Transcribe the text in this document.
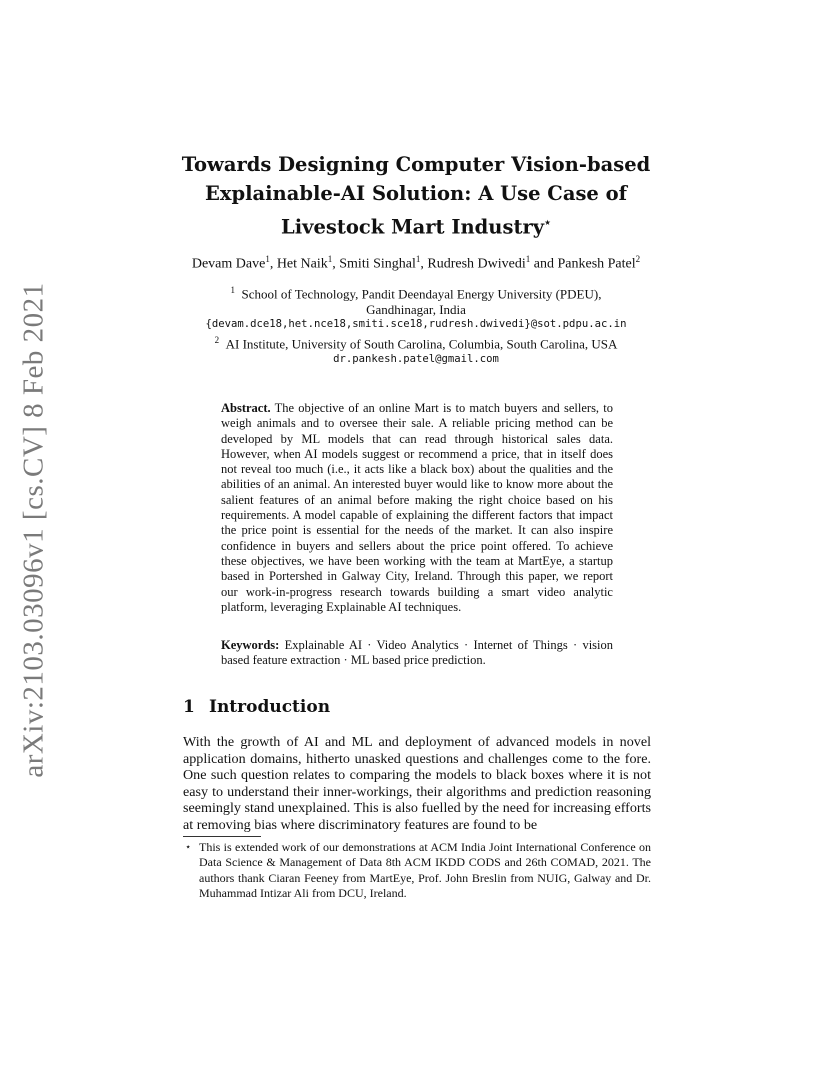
arXiv:2103.03096v1 [cs.CV] 8 Feb 2021
Towards Designing Computer Vision-based
Explainable-AI Solution: A Use Case of
Livestock Mart Industry⋆
Devam Dave$^1$, Het Naik$^1$, Smiti Singhal$^1$, Rudresh Dwivedi$^1$ and Pankesh Patel$^2$
$^1$ School of Technology, Pandit Deendayal Energy University (PDEU),
Gandhinagar, India
{devam.dce18,het.nce18,smiti.sce18,rudresh.dwivedi}@sot.pdpu.ac.in
$^2$ AI Institute, University of South Carolina, Columbia, South Carolina, USA
dr.pankesh.patel@gmail.com
Abstract. The objective of an online Mart is to match buyers and sellers, to weigh animals and to oversee their sale. A reliable pricing method can be developed by ML models that can read through historical sales data. However, when AI models suggest or recommend a price, that in itself does not reveal too much (i.e., it acts like a black box) about the qualities and the abilities of an animal. An interested buyer would like to know more about the salient features of an animal before making the right choice based on his requirements. A model capable of explaining the different factors that impact the price point is essential for the needs of the market. It can also inspire confidence in buyers and sellers about the price point offered. To achieve these objectives, we have been working with the team at MartEye, a startup based in Portershed in Galway City, Ireland. Through this paper, we report our work-in-progress research towards building a smart video analytic platform, leveraging Explainable AI techniques.
Keywords: Explainable AI · Video Analytics · Internet of Things · vision based feature extraction · ML based price prediction.
1 Introduction
With the growth of AI and ML and deployment of advanced models in novel application domains, hitherto unasked questions and challenges come to the fore. One such question relates to comparing the models to black boxes where it is not easy to understand their inner-workings, their algorithms and prediction reasoning seemingly stand unexplained. This is also fuelled by the need for increasing efforts at removing bias where discriminatory features are found to be
⋆ This is extended work of our demonstrations at ACM India Joint International Conference on Data Science & Management of Data 8th ACM IKDD CODS and 26th COMAD, 2021. The authors thank Ciaran Feeney from MartEye, Prof. John Breslin from NUIG, Galway and Dr. Muhammad Intizar Ali from DCU, Ireland.
